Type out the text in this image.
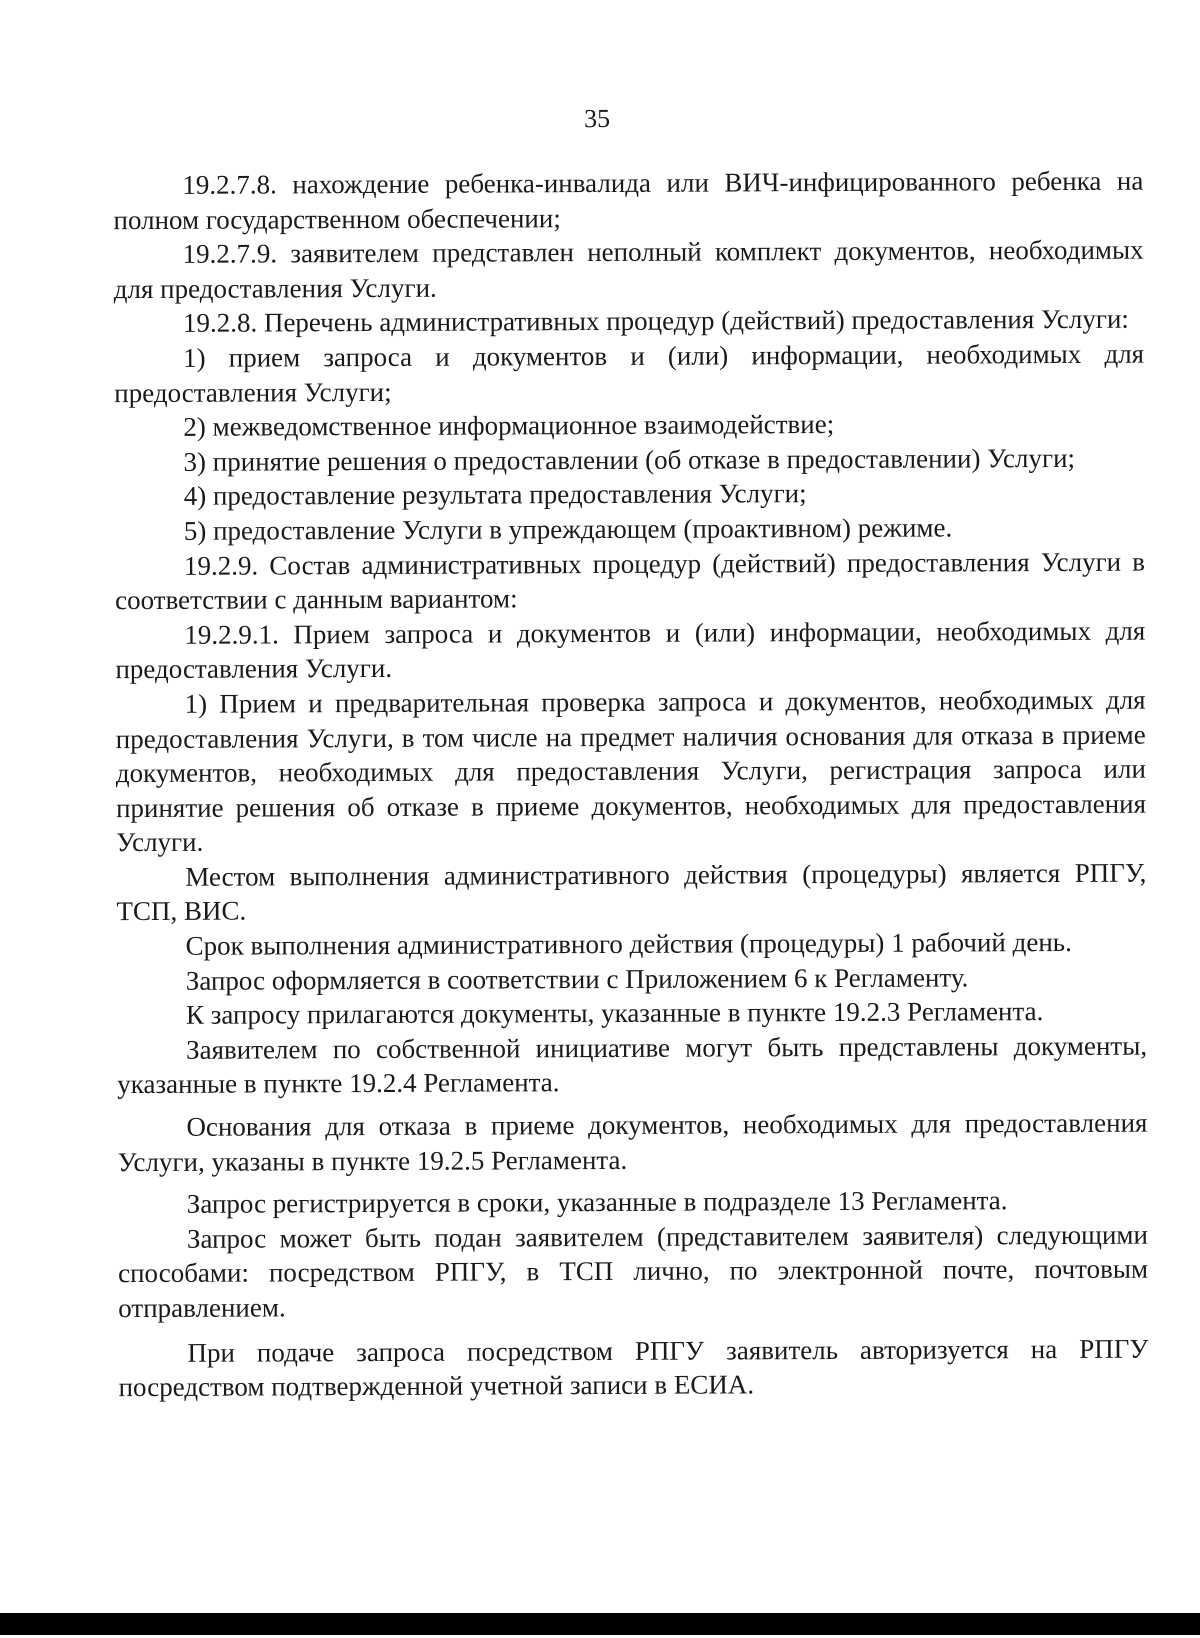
35

19.2.7.8. нахождение ребенка-инвалида или ВИЧ-инфицированного ребенка на полном государственном обеспечении;

19.2.7.9. заявителем представлен неполный комплект документов, необходимых для предоставления Услуги.

19.2.8. Перечень административных процедур (действий) предоставления Услуги:

1) прием запроса и документов и (или) информации, необходимых для предоставления Услуги;

2) межведомственное информационное взаимодействие;

3) принятие решения о предоставлении (об отказе в предоставлении) Услуги;

4) предоставление результата предоставления Услуги;

5) предоставление Услуги в упреждающем (проактивном) режиме.

19.2.9. Состав административных процедур (действий) предоставления Услуги в соответствии с данным вариантом:

19.2.9.1. Прием запроса и документов и (или) информации, необходимых для предоставления Услуги.

1) Прием и предварительная проверка запроса и документов, необходимых для предоставления Услуги, в том числе на предмет наличия основания для отказа в приеме документов, необходимых для предоставления Услуги, регистрация запроса или принятие решения об отказе в приеме документов, необходимых для предоставления Услуги.

Местом выполнения административного действия (процедуры) является РПГУ, ТСП, ВИС.

Срок выполнения административного действия (процедуры) 1 рабочий день.

Запрос оформляется в соответствии с Приложением 6 к Регламенту.

К запросу прилагаются документы, указанные в пункте 19.2.3 Регламента.

Заявителем по собственной инициативе могут быть представлены документы, указанные в пункте 19.2.4 Регламента.

Основания для отказа в приеме документов, необходимых для предоставления Услуги, указаны в пункте 19.2.5 Регламента.

Запрос регистрируется в сроки, указанные в подразделе 13 Регламента.

Запрос может быть подан заявителем (представителем заявителя) следующими способами: посредством РПГУ, в ТСП лично, по электронной почте, почтовым отправлением.

При подаче запроса посредством РПГУ заявитель авторизуется на РПГУ посредством подтвержденной учетной записи в ЕСИА.
